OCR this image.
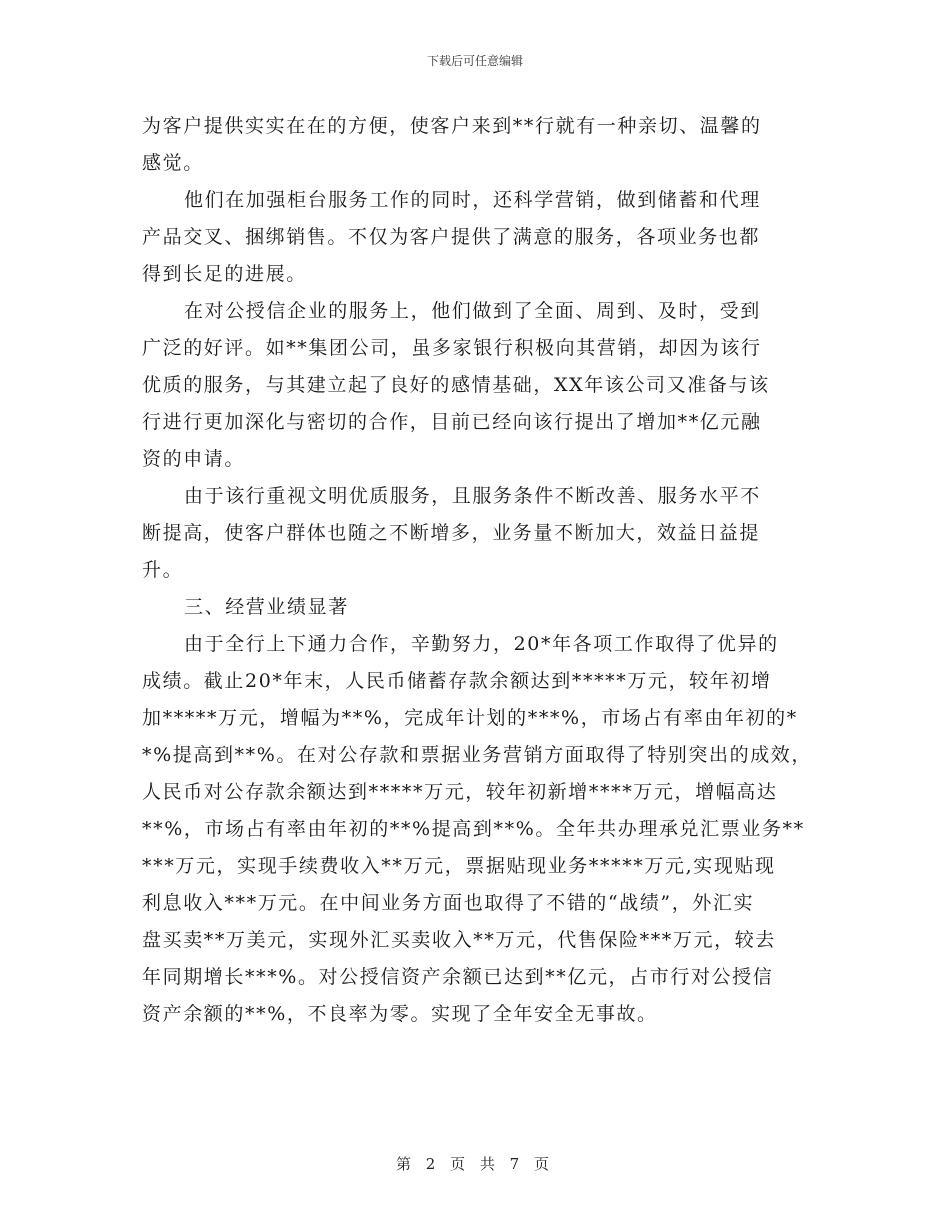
下载后可任意编辑
为客户提供实实在在的方便，使客户来到**行就有一种亲切、温馨的
感觉。
他们在加强柜台服务工作的同时，还科学营销，做到储蓄和代理
产品交叉、捆绑销售。不仅为客户提供了满意的服务，各项业务也都
得到长足的进展。
在对公授信企业的服务上，他们做到了全面、周到、及时，受到
广泛的好评。如**集团公司，虽多家银行积极向其营销，却因为该行
优质的服务，与其建立起了良好的感情基础，XX年该公司又准备与该
行进行更加深化与密切的合作，目前已经向该行提出了增加**亿元融
资的申请。
由于该行重视文明优质服务，且服务条件不断改善、服务水平不
断提高，使客户群体也随之不断增多，业务量不断加大，效益日益提
升。
三、经营业绩显著
由于全行上下通力合作，辛勤努力，20*年各项工作取得了优异的
成绩。截止20*年末，人民币储蓄存款余额达到*****万元，较年初增
加*****万元，增幅为**%，完成年计划的***%，市场占有率由年初的*
*%提高到**%。在对公存款和票据业务营销方面取得了特别突出的成效，
人民币对公存款余额达到*****万元，较年初新增****万元，增幅高达
**%，市场占有率由年初的**%提高到**%。全年共办理承兑汇票业务**
***万元，实现手续费收入**万元，票据贴现业务*****万元,实现贴现
利息收入***万元。在中间业务方面也取得了不错的“战绩”，外汇实
盘买卖**万美元，实现外汇买卖收入**万元，代售保险***万元，较去
年同期增长***%。对公授信资产余额已达到**亿元，占市行对公授信
资产余额的**%，不良率为零。实现了全年安全无事故。
第 2 页 共 7 页
